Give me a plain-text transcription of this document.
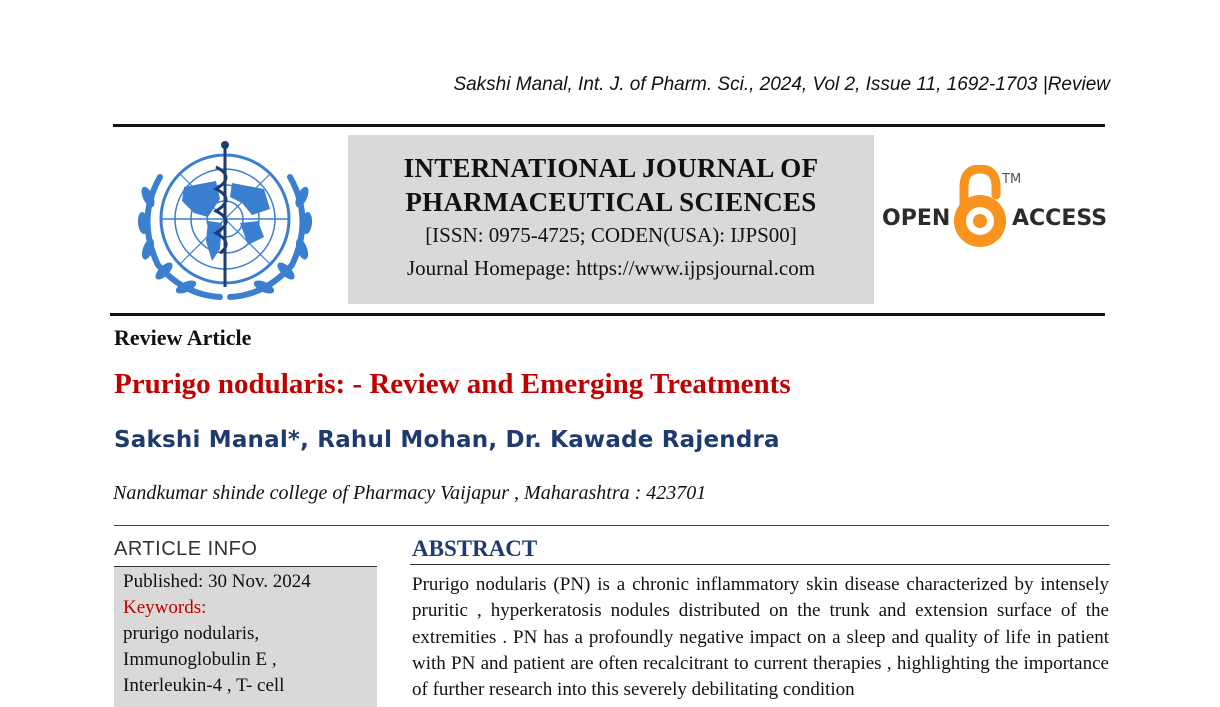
Sakshi Manal, Int. J. of Pharm. Sci., 2024, Vol 2, Issue 11, 1692-1703 |Review
INTERNATIONAL JOURNAL OF
PHARMACEUTICAL SCIENCES
[ISSN: 0975-4725; CODEN(USA): IJPS00]
Journal Homepage: https://www.ijpsjournal.com
OPEN
TM
ACCESS
Review Article
Prurigo nodularis: - Review and Emerging Treatments
Sakshi Manal*, Rahul Mohan, Dr. Kawade Rajendra
Nandkumar shinde college of Pharmacy Vaijapur , Maharashtra : 423701
ARTICLE INFO
Published: 30 Nov. 2024
Keywords:
prurigo nodularis,
Immunoglobulin E ,
Interleukin-4 , T- cell
ABSTRACT
Prurigo nodularis (PN) is a chronic inflammatory skin disease characterized by intensely pruritic , hyperkeratosis nodules distributed on the trunk and extension surface of the extremities . PN has a profoundly negative impact on a sleep and quality of life in patient with PN and patient are often recalcitrant to current therapies , highlighting the importance of further research into this severely debilitating condition
